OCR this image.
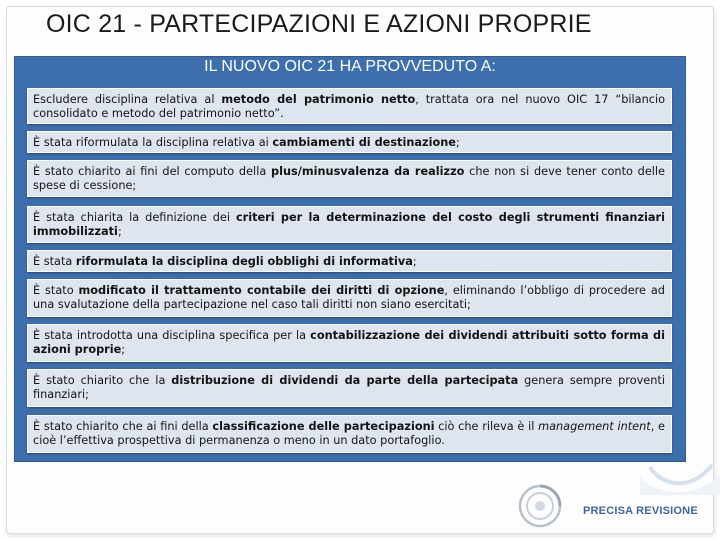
OIC 21 - PARTECIPAZIONI E AZIONI PROPRIE
IL NUOVO OIC 21 HA PROVVEDUTO A:
Escludere disciplina relativa al metodo del patrimonio netto, trattata ora nel nuovo OIC 17 “bilancio consolidato e metodo del patrimonio netto”.
È stata riformulata la disciplina relativa ai cambiamenti di destinazione;
È stato chiarito ai fini del computo della plus/minusvalenza da realizzo che non si deve tener conto delle spese di cessione;
È stata chiarita la definizione dei criteri per la determinazione del costo degli strumenti finanziari immobilizzati;
È stata riformulata la disciplina degli obblighi di informativa;
È stato modificato il trattamento contabile dei diritti di opzione, eliminando l’obbligo di procedere ad una svalutazione della partecipazione nel caso tali diritti non siano esercitati;
È stata introdotta una disciplina specifica per la contabilizzazione dei dividendi attribuiti sotto forma di azioni proprie;
È stato chiarito che la distribuzione di dividendi da parte della partecipata genera sempre proventi finanziari;
È stato chiarito che ai fini della classificazione delle partecipazioni ciò che rileva è il management intent, e cioè l’effettiva prospettiva di permanenza o meno in un dato portafoglio.
PRECISA REVISIONE
